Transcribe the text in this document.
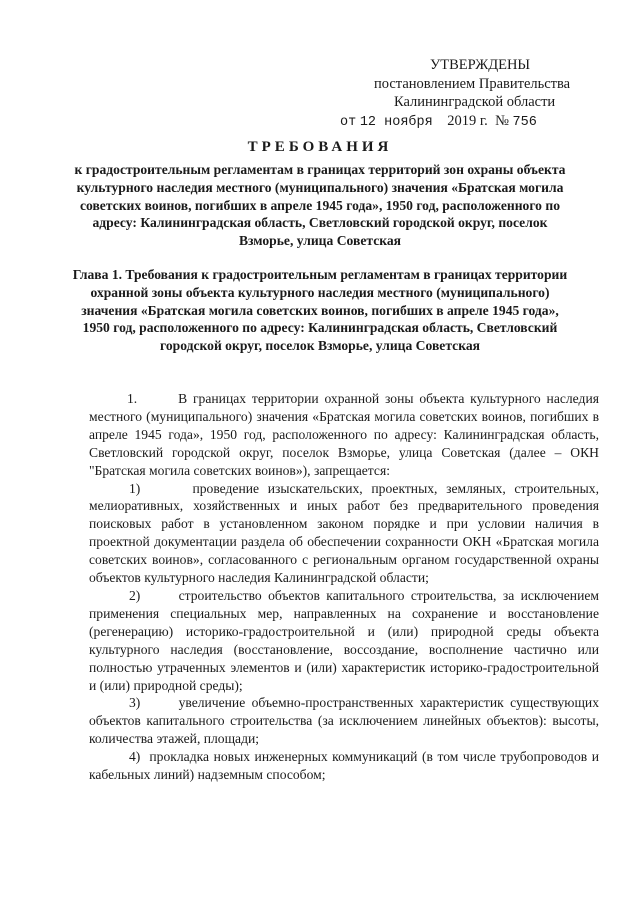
УТВЕРЖДЕНЫ
постановлением Правительства
Калининградской области
от 12 ноября 2019 г. № 756
ТРЕБОВАНИЯ
к градостроительным регламентам в границах территорий зон охраны объекта культурного наследия местного (муниципального) значения «Братская могила советских воинов, погибших в апреле 1945 года», 1950 год, расположенного по адресу: Калининградская область, Светловский городской округ, поселок Взморье, улица Советская
Глава 1. Требования к градостроительным регламентам в границах территории охранной зоны объекта культурного наследия местного (муниципального) значения «Братская могила советских воинов, погибших в апреле 1945 года», 1950 год, расположенного по адресу: Калининградская область, Светловский городской округ, поселок Взморье, улица Советская

1.	В границах территории охранной зоны объекта культурного наследия местного (муниципального) значения «Братская могила советских воинов, погибших в апреле 1945 года», 1950 год, расположенного по адресу: Калининградская область, Светловский городской округ, поселок Взморье, улица Советская (далее – ОКН "Братская могила советских воинов»), запрещается:

1)	проведение изыскательских, проектных, земляных, строительных, мелиоративных, хозяйственных и иных работ без предварительного проведения поисковых работ в установленном законом порядке и при условии наличия в проектной документации раздела об обеспечении сохранности ОКН «Братская могила советских воинов», согласованного с региональным органом государственной охраны объектов культурного наследия Калининградской области;

2)	строительство объектов капитального строительства, за исключением применения специальных мер, направленных на сохранение и восстановление (регенерацию) историко-градостроительной и (или) природной среды объекта культурного наследия (восстановление, воссоздание, восполнение частично или полностью утраченных элементов и (или) характеристик историко-градостроительной и (или) природной среды);

3)	увеличение объемно-пространственных характеристик существующих объектов капитального строительства (за исключением линейных объектов): высоты, количества этажей, площади;

4) прокладка новых инженерных коммуникаций (в том числе трубопроводов и кабельных линий) надземным способом;
